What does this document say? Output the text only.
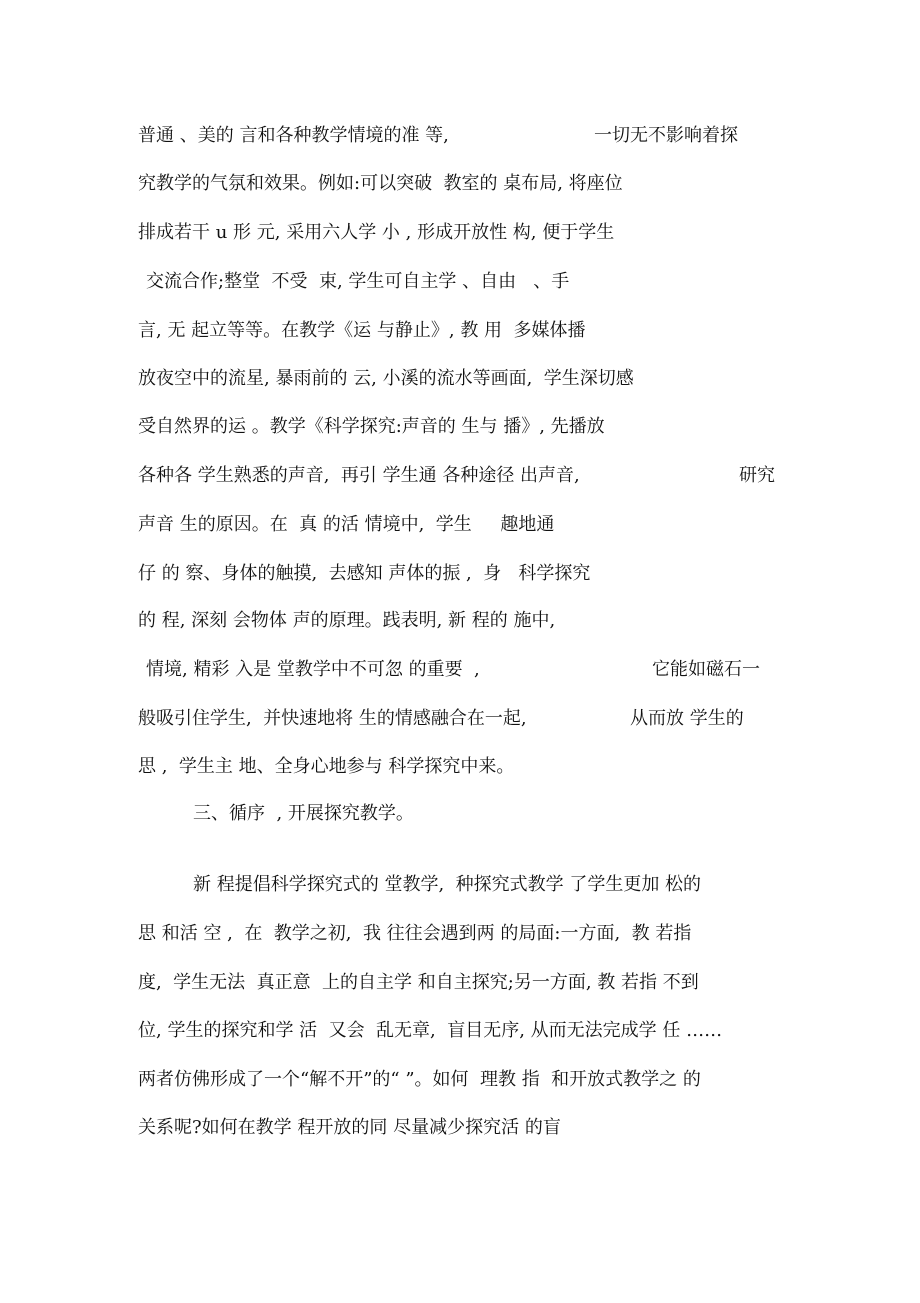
普通 、美的 言和各种教学情境的准 等,	一切无不影响着探

究教学的气氛和效果。例如:可以突破  教室的 桌布局, 将座位

排成若干 u 形 元, 采用六人学 小 , 形成开放性 构, 便于学生

交流合作;整堂  不受  束, 学生可自主学 、自由   、手

言, 无 起立等等。在教学《运 与静止》, 教 用  多媒体播

放夜空中的流星, 暴雨前的 云, 小溪的流水等画面,  学生深切感

受自然界的运 。教学《科学探究:声音的 生与 播》, 先播放

各种各 学生熟悉的声音,  再引 学生通 各种途径 出声音,	研究

声音 生的原因。在  真 的活 情境中,  学生     趣地通

仔 的 察、身体的触摸,  去感知 声体的振 ,  身   科学探究

的 程, 深刻 会物体 声的原理。践表明, 新 程的 施中,

情境, 精彩 入是 堂教学中不可忽 的重要  ,	它能如磁石一

般吸引住学生,  并快速地将 生的情感融合在一起,	从而放 学生的

思 ,  学生主 地、全身心地参与 科学探究中来。

三、循序  , 开展探究教学。

新 程提倡科学探究式的 堂教学,  种探究式教学 了学生更加 松的

思 和活 空 ,  在  教学之初,  我 往往会遇到两 的局面:一方面,  教 若指

度,  学生无法  真正意  上的自主学 和自主探究;另一方面, 教 若指 不到

位, 学生的探究和学 活  又会  乱无章,  盲目无序, 从而无法完成学 任 ……

两者仿佛形成了一个“解不开”的“ ”。如何  理教 指  和开放式教学之 的

关系呢?如何在教学 程开放的同 尽量减少探究活 的盲
